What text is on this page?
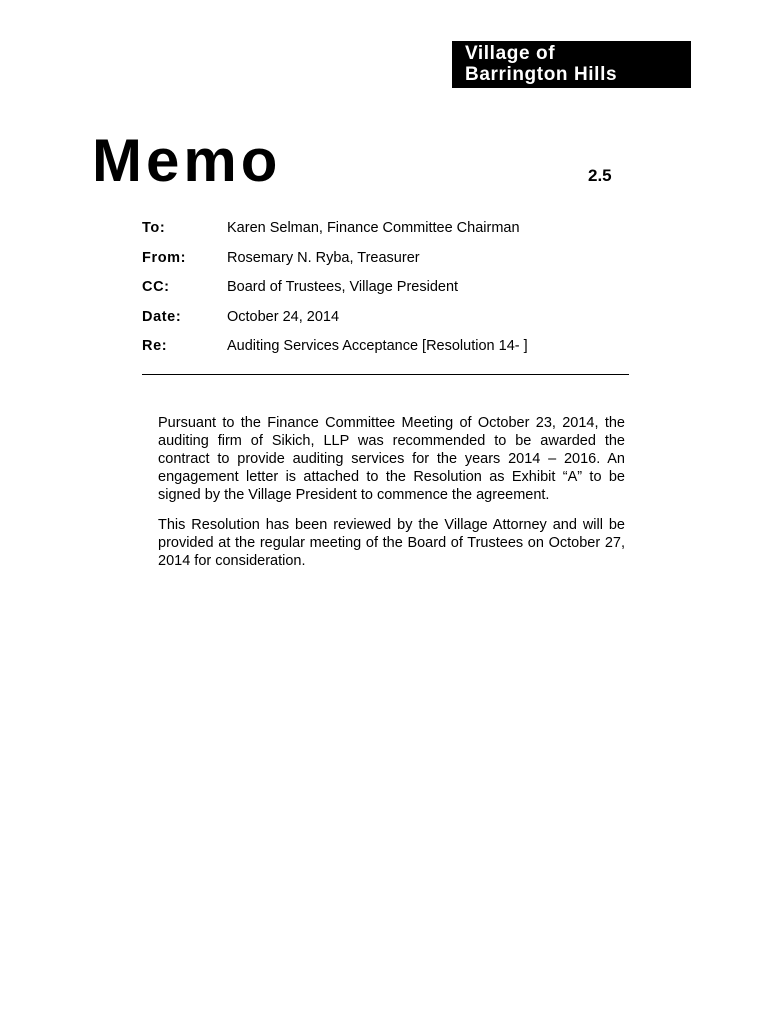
Village of
Barrington Hills
Memo	2.5
To:	Karen Selman, Finance Committee Chairman
From:	Rosemary N. Ryba, Treasurer
CC:	Board of Trustees, Village President
Date:	October 24, 2014
Re:	Auditing Services Acceptance [Resolution 14- ]

Pursuant to the Finance Committee Meeting of October 23, 2014, the auditing firm of Sikich, LLP was recommended to be awarded the contract to provide auditing services for the years 2014 – 2016. An engagement letter is attached to the Resolution as Exhibit “A” to be signed by the Village President to commence the agreement.

This Resolution has been reviewed by the Village Attorney and will be provided at the regular meeting of the Board of Trustees on October 27, 2014 for consideration.
